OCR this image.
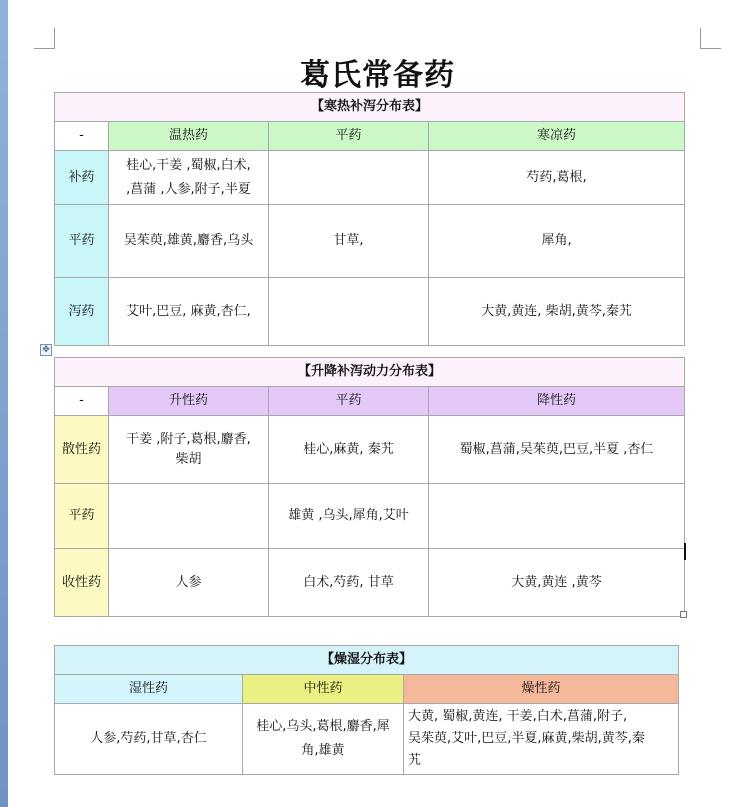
葛氏常备药
【寒热补泻分布表】			
-	温热药	平药	寒凉药
补药	桂心,干姜 ,蜀椒,白术,
,菖蒲 ,人参,附子,半夏		芍药,葛根,
平药	吴茱萸,雄黄,麝香,乌头	甘草,	犀角,
泻药	艾叶,巴豆, 麻黄,杏仁,		大黄,黄连, 柴胡,黄芩,秦艽
✥
【升降补泻动力分布表】			
-	升性药	平药	降性药
散性药	干姜 ,附子,葛根,麝香,
柴胡	桂心,麻黄, 秦艽	蜀椒,菖蒲,吴茱萸,巴豆,半夏 ,杏仁
平药		雄黄 ,乌头,犀角,艾叶	
收性药	人参	白术,芍药, 甘草	大黄,黄连 ,黄芩
【燥湿分布表】		
湿性药	中性药	燥性药
人参,芍药,甘草,杏仁	桂心,乌头,葛根,麝香,犀
角,雄黄	大黄, 蜀椒,黄连, 干姜,白术,菖蒲,附子,
吴茱萸,艾叶,巴豆,半夏,麻黄,柴胡,黄芩,秦
艽
